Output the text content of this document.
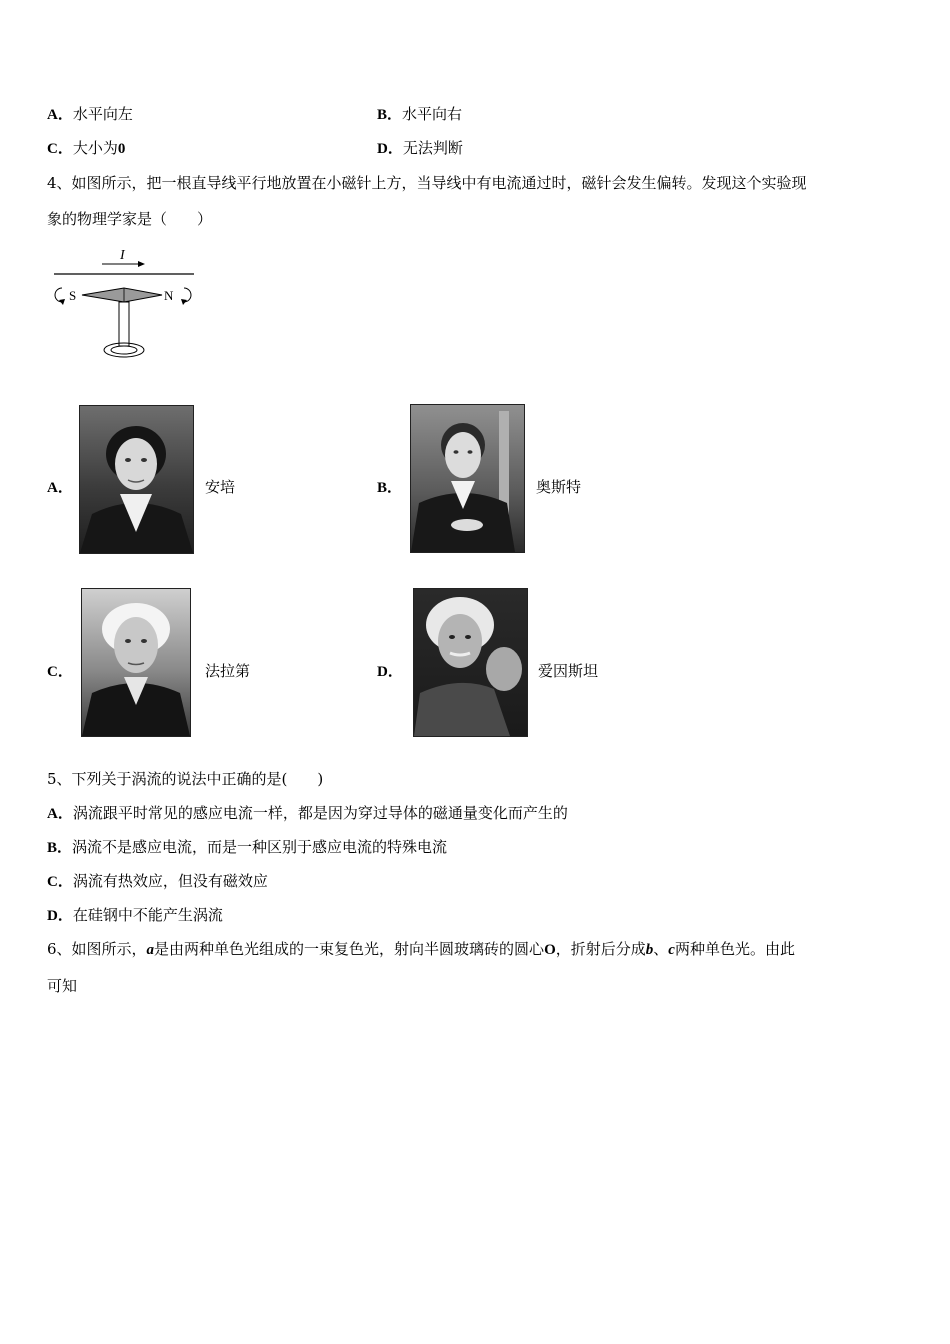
A．水平向左	B．水平向右
C．大小为0	D．无法判断
4、如图所示，把一根直导线平行地放置在小磁针上方，当导线中有电流通过时，磁针会发生偏转。发现这个实验现
象的物理学家是（　　）
I
S	N
A．	安培	B．	奥斯特
C．	法拉第	D．	爱因斯坦
5、下列关于涡流的说法中正确的是(　　)
A．涡流跟平时常见的感应电流一样，都是因为穿过导体的磁通量变化而产生的
B．涡流不是感应电流，而是一种区别于感应电流的特殊电流
C．涡流有热效应，但没有磁效应
D．在硅钢中不能产生涡流
6、如图所示，a是由两种单色光组成的一束复色光，射向半圆玻璃砖的圆心O，折射后分成b、c两种单色光。由此
可知
